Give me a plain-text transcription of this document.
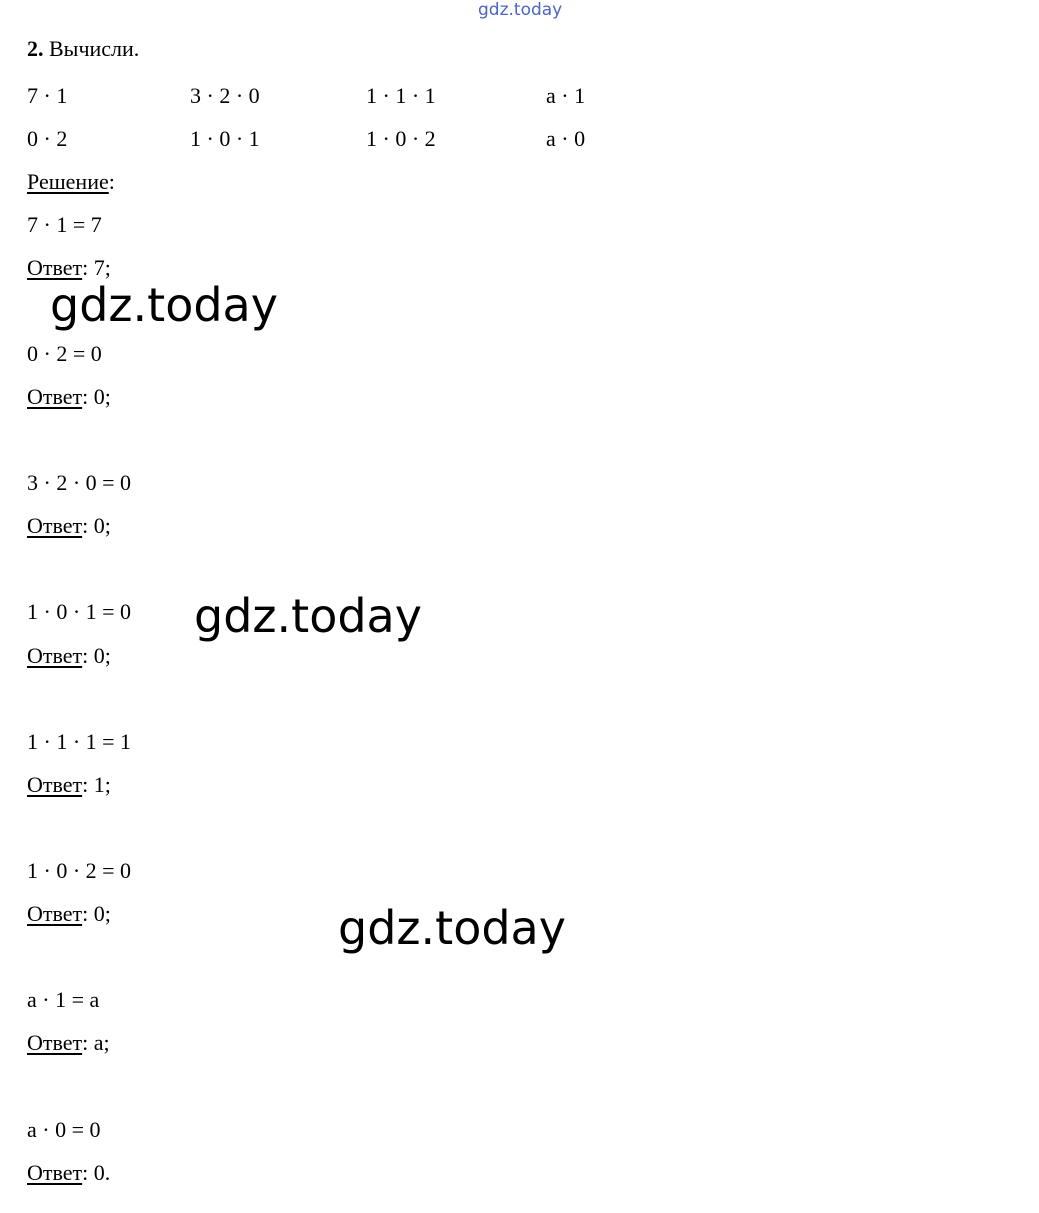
gdz.today
gdz.today
gdz.today
gdz.today
2. Вычисли.
7 · 1	3 · 2 · 0	1 · 1 · 1	a · 1
0 · 2	1 · 0 · 1	1 · 0 · 2	a · 0
Решение:
7 · 1 = 7
Ответ: 7;
0 · 2 = 0
Ответ: 0;
3 · 2 · 0 = 0
Ответ: 0;
1 · 0 · 1 = 0
Ответ: 0;
1 · 1 · 1 = 1
Ответ: 1;
1 · 0 · 2 = 0
Ответ: 0;
a · 1 = a
Ответ: a;
a · 0 = 0
Ответ: 0.
